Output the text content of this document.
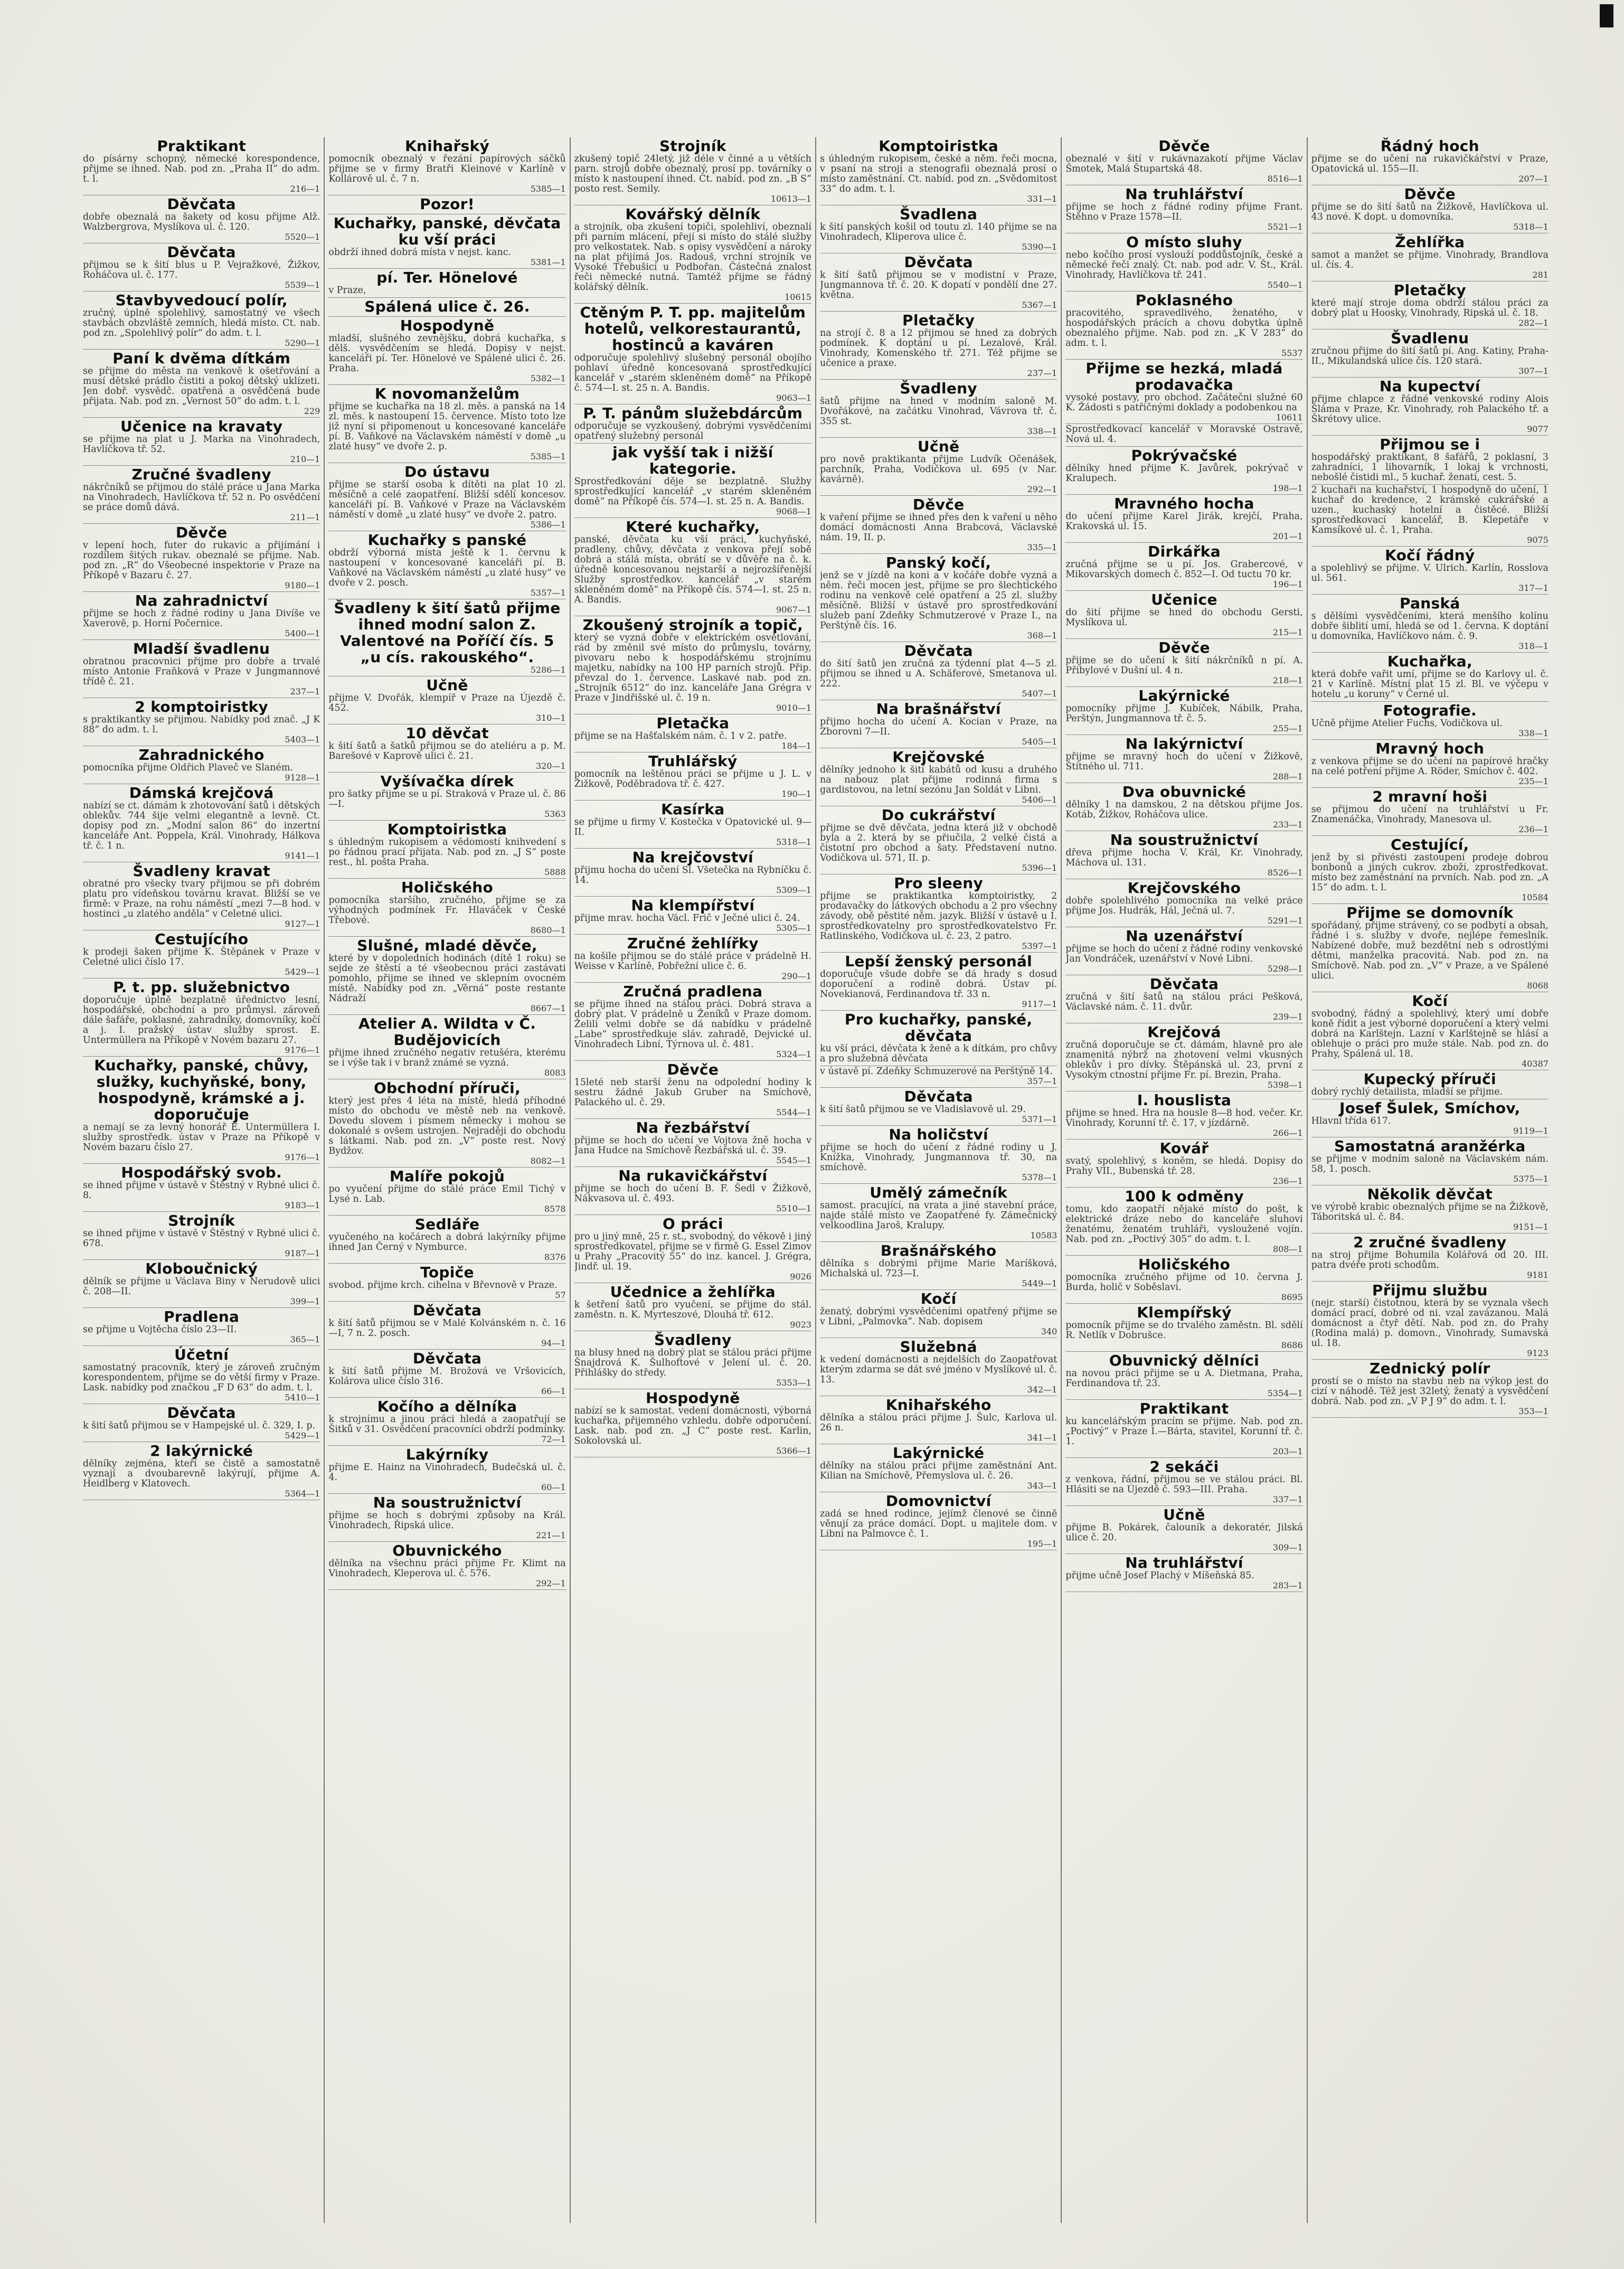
Praktikant
do písárny schopný, německé korespondence, přijme se ihned. Nab. pod zn. „Praha II“ do adm. t. l.
216—1
Děvčata
dobře obeznalá na šakety od kosu přijme Alž. Walzbergrova, Myslíkova ul. č. 120.
5520—1
Děvčata
přijmou se k šití blus u P. Vejražkové, Žižkov, Roháčova ul. č. 177.
5539—1
Stavbyvedoucí polír,
zručný, úplně spolehlivý, samostatný ve všech stavbách obzvláště zemních, hledá místo. Ct. nab. pod zn. „Spolehlivý polír“ do adm. t. l.
5290—1
Paní k dvěma dítkám
se přijme do města na venkově k ošetřování a musí dětské prádlo čistiti a pokoj dětský uklízeti. Jen dobř. vysvědč. opatřená a osvědčená bude přijata. Nab. pod zn. „Vernost 50“ do adm. t. l.
229
Učenice na kravaty
se přijme na plat u J. Marka na Vinohradech, Havlíčkova tř. 52.
210—1
Zručné švadleny
nákrčníků se přijmou do stálé práce u Jana Marka na Vinohradech, Havlíčkova tř. 52 n. Po osvědčení se práce domů dává.
211—1
Děvče
v lepení hoch, futer do rukavic a přijímání i rozdílem šitých rukav. obeznalé se přijme. Nab. pod zn. „R“ do Všeobecné inspektorie v Praze na Příkopě v Bazaru č. 27.
9180—1
Na zahradnictví
přijme se hoch z řádné rodiny u Jana Divíše ve Xaverově, p. Horní Počernice.
5400—1
Mladší švadlenu
obratnou pracovnici přijme pro dobře a trvalé místo Antonie Fraňková v Praze v Jungmannové třídě č. 21.
237—1
2 komptoiristky
s praktikantky se přijmou. Nabídky pod znač. „J K 88“ do adm. t. l.
5403—1
Zahradnického
pomocníka přijme Oldřich Plaveč ve Slaném.
9128—1
Dámská krejčová
nabízí se ct. dámám k zhotovování šatů i dětských oblekův. 744 šije velmi elegantně a levně. Ct. dopisy pod zn. „Modní salon 86“ do inzertní kanceláře Ant. Poppela, Král. Vinohrady, Hálkova tř. č. 1 n.
9141—1
Švadleny kravat
obratné pro všecky tvary přijmou se při dobrém platu pro vídeňskou továrnu kravat. Bližší se ve firmě: v Praze, na rohu náměstí „mezi 7—8 hod. v hostinci „u zlatého anděla“ v Celetné ulici.
9127—1
Cestujícího
k prodeji šaken přijme K. Štěpánek v Praze v Celetné ulici číslo 17.
5429—1
P. t. pp. služebnictvo
doporučuje úplně bezplatně úřednictvo lesní, hospodářské, obchodní a pro průmysl. zároveň dále šafáře, poklasné, zahradníky, domovníky, kočí a j. I. pražský ústav služby sprost. E. Untermüllera na Příkopě v Novém bazaru 27.
9176—1
Kuchařky, panské, chůvy, služky, kuchyňské, bony, hospodyně, krámské a j. doporučuje
a nemají se za levný honorář E. Untermüllera I. služby sprostředk. ústav v Praze na Příkopě v Novém bazaru číslo 27.
9176—1
Hospodářský svob.
se ihned přijme v ústavě v Štěstný v Rybné ulici č. 8.
9183—1
Strojník
se ihned přijme v ústavě v Štěstný v Rybné ulici č. 678.
9187—1
Kloboučnický
dělník se přijme u Václava Biny v Nerudově ulici č. 208—II.
399—1
Pradlena
se přijme u Vojtěcha číslo 23—II.
365—1
Účetní
samostatný pracovník, který je zároveň zručným korespondentem, přijme se do větší firmy v Praze. Lask. nabídky pod značkou „F D 63“ do adm. t. l.
5410—1
Děvčata
k šití šatů přijmou se v Hampejské ul. č. 329, I. p.
5429—1
2 lakýrnické
dělníky zejména, kteří se čistě a samostatně vyznají a dvoubarevně lakýrují, přijme A. Heidlberg v Klatovech.
5364—1
Knihařský
pomocník obeznalý v řezání papírových sáčků přijme se v firmy Bratři Kleinové v Karlíně v Kollárově ul. č. 7 n.
5385—1
Pozor!
Kuchařky, panské, děvčata ku vší práci
obdrží ihned dobrá místa v nejst. kanc.
5381—1
pí. Ter. Hönelové
v Praze,
Spálená ulice č. 26.
Hospodyně
mladší, slušného zevnějšku, dobrá kuchařka, s dělš. vysvědčením se hledá. Dopisy v nejst. kanceláři pí. Ter. Hönelové ve Spálené ulici č. 26. Praha.
5382—1
K novomanželům
přijme se kuchařka na 18 zl. měs. a panská na 14 zl. měs. k nastoupení 15. července. Místo toto lze již nyní si připomenout u koncesované kanceláře pí. B. Vaňkové na Václavském náměstí v domě „u zlaté husy“ ve dvoře 2. p.
5385—1
Do ústavu
přijme se starší osoba k dítěti na plat 10 zl. měsíčně a celé zaopatření. Bližší sdělí koncesov. kanceláři pí. B. Vaňkové v Praze na Václavském náměstí v domě „u zlaté husy“ ve dvoře 2. patro.
5386—1
Kuchařky s panské
obdrží výborná místa ještě k 1. červnu k nastoupení v koncesované kanceláři pí. B. Vaňkové na Václavském náměstí „u zlaté husy“ ve dvoře v 2. posch.
5357—1
Švadleny k šití šatů přijme ihned modní salon Z. Valentové na Poříčí čís. 5 „u cís. rakouského“.
5286—1
Učně
přijme V. Dvořák, klempíř v Praze na Újezdě č. 452.
310—1
10 děvčat
k šití šatů a šatků přijmou se do ateliéru a p. M. Barešové v Kaprově ulici č. 21.
320—1
Vyšívačka dírek
pro šatky přijme se u pí. Straková v Praze ul. č. 86—I.
5363
Komptoiristka
s úhledným rukopisem a vědomostí knihvedení s po řádnou prací přijata. Nab. pod zn. „J S“ poste rest., hl. pošta Praha.
5888
Holičského
pomocníka staršího, zručného, přijme se za výhodných podmínek Fr. Hlaváček v České Třebové.
8680—1
Slušné, mladé děvče,
které by v dopoledních hodinách (dítě 1 roku) se sejde ze štěstí a té všeobecnou práci zastávati pomohlo, přijme se ihned ve sklepním ovocném místě. Nabídky pod zn. „Věrná“ poste restante Nádraží
8667—1
Atelier A. Wildta v Č. Budějovicích
přijme ihned zručného negativ retušéra, kterému se i výše tak i v branž známé se vyzná.
8083
Obchodní příruči,
který jest přes 4 léta na místě, hledá příhodné místo do obchodu ve městě neb na venkově. Dovedu slovem i písmem německy i mohou se dokonalé s ovšem ustrojen. Nejraději do obchodu s látkami. Nab. pod zn. „V“ poste rest. Nový Bydžov.
8082—1
Malíře pokojů
po vyučení přijme do stálé práce Emil Tichý v Lysé n. Lab.
8578
Sedláře
vyučeného na kočárech a dobrá lakýrníky přijme ihned Jan Černý v Nymburce.
8376
Topiče
svobod. přijme krch. cihelna v Břevnově v Praze.
57
Děvčata
k šití šatů přijmou se v Malé Kolvánském n. č. 16—I, 7 n. 2. posch.
94—1
Děvčata
k šití šatů přijme M. Brožová ve Vršovicích, Kolárova ulice číslo 316.
66—1
Kočího a dělníka
k strojnímu a jinou práci hledá a zaopatřují se Šitků v 31. Osvědčení pracovníci obdrží podmínky.
72—1
Lakýrníky
přijme E. Hainz na Vinohradech, Budečská ul. č. 4.
60—1
Na soustružnictví
přijme se hoch s dobrými způsoby na Král. Vinohradech, Řipská ulice.
221—1
Obuvnického
dělníka na všechnu práci přijme Fr. Klimt na Vinohradech, Kleperova ul. č. 576.
292—1
Strojník
zkušený topič 24letý, již déle v činné a u větších parn. strojů dobře obeznalý, prosí pp. továrníky o místo k nastoupení ihned. Ct. nabíd. pod zn. „B S“ posto rest. Semily.
10613—1
Kovářský dělník
a strojník, oba zkušení topiči, spolehliví, obeznalí při parním mlácení, přejí si místo do stálé služby pro velkostatek. Nab. s opisy vysvědčení a nároky na plat přijímá Jos. Radouš, vrchní strojník ve Vysoké Třebušicí u Podbořan. Částečná znalost řeči německé nutná. Tamtéž přijme se řádný kolářský dělník.
10615
Ctěným P. T. pp. majitelům hotelů, velkorestaurantů, hostinců a kaváren
odporučuje spolehlivý slušebný personál obojího pohlaví úředně koncesovaná sprostředkující kancelář v „starém skleněném domě“ na Příkopě č. 574—I. st. 25 n. A. Bandis.
9063—1
P. T. pánům služebdárcům
odporučuje se vyzkoušený, dobrými vysvědčeními opatřený služebný personál
jak vyšší tak i nižší kategorie.
Sprostředkování děje se bezplatně. Služby sprostředkující kancelář „v starém skleněném domě“ na Příkopě čís. 574—I. st. 25 n. A. Bandis.
9068—1
Které kuchařky,
panské, děvčata ku vší práci, kuchyňské, pradleny, chůvy, děvčata z venkova přejí sobě dobrá a stálá místa, obrátí se v důvěře na č. k. úředně koncesovanou nejstarší a nejrozšířenější Služby sprostředkov. kancelář „v starém skleněném domě“ na Příkopě čís. 574—I. st. 25 n. A. Bandis.
9067—1
Zkoušený strojník a topič,
který se vyzná dobře v elektrickém osvětlování, rád by změnil své místo do průmyslu, továrny, pivovaru nebo k hospodářskému strojnímu majetku, nabídky na 100 HP parních strojů. Přip. převzal do 1. července. Laskavé nab. pod zn. „Strojník 6512“ do inz. kanceláře Jana Grégra v Praze v Jindřišské ul. č. 19 n.
9010—1
Pletačka
přijme se na Hašťalském nám. č. 1 v 2. patře.
184—1
Truhlářský
pomocník na leštěnou práci se přijme u J. L. v Žižkově, Poděbradova tř. č. 427.
190—1
Kasírka
se přijme u firmy V. Kostečka v Opatovické ul. 9—II.
5318—1
Na krejčovství
přijmu hocha do učení Sl. Všetečka na Rybníčku č. 14.
5309—1
Na klempířství
přijme mrav. hocha Václ. Frič v Ječné ulici č. 24.
5305—1
Zručné žehlířky
na košile přijmou se do stálé práce v prádelně H. Weisse v Karlíně, Pobřežní ulice č. 6.
290—1
Zručná pradlena
se přijme ihned na stálou práci. Dobrá strava a dobrý plat. V prádelně u Ženíků v Praze domom. Želili velmi dobře se dá nabídku v prádelně „Labe“ sprostředkuje sláv. zahradě, Dejvické ul. Vinohradech Libní, Týrnova ul. č. 481.
5324—1
Děvče
15leté neb starší ženu na odpolední hodiny k sestru žádné Jakub Gruber na Smíchově, Palackého ul. č. 29.
5544—1
Na řezbářství
přijme se hoch do učení ve Vojtova žně hocha v Jana Hudce na Smíchově Řezbářská ul. č. 39.
5545—1
Na rukavičkářství
přijme se hoch do učení B. F. Šedl v Žižkově, Nákvasova ul. č. 493.
5510—1
O práci
pro u jiný mně, 25 r. st., svobodný, do věkově i jiný sprostředkovatel, přijme se v firmě G. Essel Zimov u Prahy „Pracovitý 55“ do inz. kancel. J. Grégra, Jindř. ul. 19.
9026
Učednice a žehlířka
k šetření šatů pro vyučení, se přijme do stál. zaměstn. n. K. Myrteszové, Dlouhá tř. 612.
9023
Švadleny
na blusy hned na dobrý plat se stálou práci přijme Šnajdrová K. Šulhoftové v Jelení ul. č. 20. Přihlášky do středy.
5353—1
Hospodyně
nabízí se k samostat. vedení domácnosti, výborná kuchařka, přijemného vzhledu. dobře odporučení. Lask. nab. pod zn. „J C“ poste rest. Karlin, Sokolovská ul.
5366—1
Komptoiristka
s úhledným rukopisem, české a něm. řeči mocna, v psaní na stroji a stenografii obeznalá prosí o místo zaměstnání. Ct. nabíd. pod zn. „Svědomitost 33“ do adm. t. l.
331—1
Švadlena
k šití panských košil od toutu zl. 140 přijme se na Vinohradech, Kliperova ulice č.
5390—1
Děvčata
k šití šatů přijmou se v modistní v Praze, Jungmannova tř. č. 20. K dopatí v pondělí dne 27. května.
5367—1
Pletačky
na strojí č. 8 a 12 přijmou se hned za dobrých podmínek. K doptání u pí. Lezalové, Král. Vinohrady, Komenského tř. 271. Též přijme se učenice a praxe.
237—1
Švadleny
šatů přijme na hned v modním saloně M. Dvořákové, na začátku Vinohrad, Vávrova tř. č. 355 st.
338—1
Učně
pro nově praktikanta přijme Ludvík Očenášek, parchník, Praha, Vodičkova ul. 695 (v Nar. kavárně).
292—1
Děvče
k vaření přijme se ihned přes den k vaření u něho domácí domácnosti Anna Brabcová, Václavské nám. 19, II. p.
335—1
Panský kočí,
jenž se v jízdě na koni a v kočáře dobře vyzná a něm. řeči mocen jest, přijme se pro šlechtického rodinu na venkově celé opatření a 25 zl. služby měsíčně. Bližší v ústavě pro sprostředkování služeb paní Zdeňky Schmutzerové v Praze I., na Perštýně čís. 16.
368—1
Děvčata
do šití šatů jen zručná za týdenní plat 4—5 zl. přijmou se ihned u A. Schäferové, Smetanova ul. 222.
5407—1
Na brašnářství
přijmo hocha do učení A. Kocian v Praze, na Zborovni 7—II.
5405—1
Krejčovské
dělníky jednoho k šití kabátů od kusu a druhého na nabouz plat přijme rodinná firma s gardistovou, na letní sezónu Jan Soldát v Libni.
5406—1
Do cukrářství
přijme se dvě děvčata, jedna která již v obchodě byla a 2. která by se přiučila, 2 velké čistá a čistotní pro obchod a šaty. Představení nutno. Vodičkova ul. 571, II. p.
5396—1
Pro sleeny
přijme se praktikantka komptoiristky, 2 prodavačky do látkových obchodu a 2 pro všechny závody, obě pěstité něm. jazyk. Bližší v ústavě u I. sprostředkovatelny pro sprostředkovatelstvo Fr. Ratlinského, Vodičkova ul. č. 23, 2 patro.
5397—1
Lepší ženský personál
doporučuje všude dobře se dá hrady s dosud doporučení a rodině dobrá. Ústav pí. Novekianová, Ferdinandova tř. 33 n.
9117—1
Pro kuchařky, panské, děvčata
ku vší práci, děvčata k ženě a k dítkám, pro chůvy a pro služebná děvčata
v ústavě pí. Zdeňky Schmuzerové na Perštýně 14.
357—1
Děvčata
k šití šatů přijmou se ve Vladislavově ul. 29.
5371—1
Na holičství
přijme se hoch do učení z řádné rodiny u J. Knížka, Vinohrady, Jungmannova tř. 30, na smíchově.
5378—1
Umělý zámečník
samost. pracující, na vrata a jiné stavební práce, najde stálé místo ve Zaopatřené fy. Zámečnický velkoodlina Jaroš, Kralupy.
10583
Brašnářského
dělníka s dobrými přijme Marie Maríšková, Michalská ul. 723—I.
5449—1
Kočí
ženatý, dobrými vysvědčeními opatřený přijme se v Libni, „Palmovka“. Nab. dopisem
340
Služebná
k vedení domácnosti a nejdelších do Zaopatřovat kterým zdarma se dát své jméno v Myslíkové ul. č. 13.
342—1
Knihařského
dělníka a stálou práci přijme J. Šulc, Karlova ul. 26 n.
341—1
Lakýrnické
dělníky na stálou práci přijme zaměstnání Ant. Kilian na Smíchově, Přemyslova ul. č. 26.
343—1
Domovnictví
zadá se hned rodince, jejímž členové se činně věnují za práce domácí. Dopt. u majitele dom. v Libni na Palmovce č. 1.
195—1
Děvče
obeznalé v šití v rukávnazakotí přijme Václav Šmotek, Malá Štupartská 48.
8516—1
Na truhlářství
přijme se hoch z řádné rodiny přijme Frant. Stěhno v Praze 1578—II.
5521—1
O místo sluhy
nebo kočího prosí vyslouží poddůstojník, české a německé řeči znalý. Ct. nab. pod adr. V. Št., Král. Vinohrady, Havlíčkova tř. 241.
5540—1
Poklasného
pracovitého, spravedlivého, ženatého, v hospodářských prácích a chovu dobytka úplně obeznalého přijme. Nab. pod zn. „K V 283“ do adm. t. l.
5537
Přijme se hezká, mladá prodavačka
vysoké postavy, pro obchod. Začátečni služné 60 K. Žádosti s patřičnými doklady a podobenkou na
10611
Sprostředkovací kancelář v Moravské Ostravě, Nová ul. 4.
Pokrývačské
dělníky hned přijme K. Javůrek, pokrývač v Kralupech.
198—1
Mravného hocha
do učení přijme Karel Jirák, krejčí, Praha, Krakovská ul. 15.
201—1
Dirkářka
zručná přijme se u pí. Jos. Grabercové, v Mikovarských domech č. 852—I. Od tuctu 70 kr.
196—1
Učenice
do šití přijme se hned do obchodu Gersti, Myslíkova ul.
215—1
Děvče
přijme se do učení k šití nákrčníků n pí. A. Přibylové v Dušní ul. 4 n.
218—1
Lakýrnické
pomocníky přijme J. Kubíček, Nábilk, Praha, Perštýn, Jungmannova tř. č. 5.
255—1
Na lakýrnictví
přijme se mravný hoch do učení v Žižkově, Štítného ul. 711.
288—1
Dva obuvnické
dělníky 1 na damskou, 2 na dětskou přijme Jos. Kotáb, Žižkov, Roháčova ulice.
233—1
Na soustružnictví
dřeva přijme hocha V. Král, Kr. Vinohrady, Máchova ul. 131.
8526—1
Krejčovského
dobře spolehlivého pomocníka na velké práce přijme Jos. Hudrák, Hál, Ječná ul. 7.
5291—1
Na uzenářství
přijme se hoch do učení z řádné rodiny venkovské Jan Vondráček, uzenářství v Nové Libni.
5298—1
Děvčata
zručná v šití šatů na stálou práci Pešková, Václavské nám. č. 11. dvůr.
239—1
Krejčová
zručná doporučuje se ct. dámám, hlavně pro ale znamenitá nýbrž na zhotovení velmi vkusných oblekův i pro dívky. Štěpánská ul. 23, první z Vysokým ctnostní přijme Fr. pí. Brezin, Praha.
5398—1
I. houslista
přijme se hned. Hra na housle 8—8 hod. večer. Kr. Vinohrady, Korunní tř. č. 17, v jízdárně.
266—1
Kovář
svatý, spolehlivý, s koněm, se hledá. Dopisy do Prahy VII., Bubenská tř. 28.
236—1
100 k odměny
tomu, kdo zaopatří nějaké místo do pošt, k elektrické dráze nebo do kanceláře sluhovi ženatému, ženatém truhláři, vysloužené vojín. Nab. pod zn. „Poctivý 305“ do adm. t. l.
808—1
Holičského
pomocníka zručného přijme od 10. června J. Burda, holič v Soběslavi.
8695
Klempířský
pomocník přijme se do trvalého zaměstn. Bl. sdělí R. Netlík v Dobrušce.
8686
Obuvnický dělníci
na novou práci přijme se u A. Dietmana, Praha, Ferdinandova tř. 23.
5354—1
Praktikant
ku kancelářským pracím se přijme. Nab. pod zn. „Poctivý“ v Praze I.—Bárta, stavitel, Korunní tř. č. 1.
203—1
2 sekáči
z venkova, řádní, přijmou se ve stálou práci. Bl. Hlásiti se na Újezdě č. 593—III. Praha.
337—1
Učně
přijme B. Pokárek, čalouník a dekoratér, Jilská ulice č. 20.
309—1
Na truhlářství
přijme učně Josef Plachý v Míšeňská 85.
283—1
Řádný hoch
přijme se do učení na rukavičkářství v Praze, Opatovická ul. 155—II.
207—1
Děvče
přijme se do šití šatů na Žižkově, Havlíčkova ul. 43 nové. K dopt. u domovníka.
5318—1
Žehlířka
samot a manžet se přijme. Vinohrady, Brandlova ul. čís. 4.
281
Pletačky
které mají stroje doma obdrží stálou práci za dobrý plat u Hoosky, Vinohrady, Ripská ul. č. 18.
282—1
Švadlenu
zručnou přijme do šití šatů pí. Ang. Katiny, Praha-II., Mikulandská ulice čís. 120 stará.
307—1
Na kupectví
přijme chlapce z řádné venkovské rodiny Alois Šláma v Praze, Kr. Vinohrady, roh Palackého tř. a Škrétovy ulice.
9077
Přijmou se i
hospodářský praktikant, 8 šafářů, 2 poklasní, 3 zahradníci, 1 lihovarník, 1 lokaj k vrchnosti, nebošlé čistidi ml., 5 kuchař. ženatí, cest. 5.
2 kuchaři na kuchařství, 1 hospodyně do učení, 1 kuchař do kredence, 2 krámské cukrářské a uzen., kuchaský hotelní a čistěcé. Bližší sprostředkovací kancelář, B. Klepetáře v Kamsíkové ul. č. 1, Praha.
9075
Kočí řádný
a spolehlivý se přijme. V. Ulrich. Karlín, Rosslova ul. 561.
317—1
Panská
s dělšími vysvědčeními, která menšího kolínu dobře šiblití umí, hledá se od 1. června. K doptání u domovníka, Havlíčkovo nám. č. 9.
318—1
Kuchařka,
která dobře vařit umí, přijme se do Karlovy ul. č. 21 v Karlíně. Místní plat 15 zl. Bl. ve výčepu v hotelu „u koruny“ v Černé ul.
Fotografie.
Učně přijme Atelier Fuchs, Vodičkova ul.
338—1
Mravný hoch
z venkova přijme se do učení na papírové hračky na celé potření přijme A. Röder, Smíchov č. 402.
235—1
2 mravní hoši
se přijmou do učení na truhlářství u Fr. Znamenáčka, Vinohrady, Manesova ul.
236—1
Cestující,
jenž by si přivésti zastoupení prodeje dobrou bonbonů a jiných cukrov. zboží, zprostředkovat. místo bez zaměstnání na prvních. Nab. pod zn. „A 15“ do adm. t. l.
10584
Přijme se domovník
spořádaný, přijme strávený, co se podbytí a obsah, řádné i s. služby v dvoře, nejlépe řemeslník. Nabízené dobře, muž bezdětní neb s odrostlými dětmi, manželka pracovitá. Nab. pod zn. na Smíchově. Nab. pod zn. „V“ v Praze, a ve Spálené ulici.
8068
Kočí
svobodný, řádný a spolehlivý, který umí dobře koně řídit a jest výborné doporučení a který velmi dobrá na Karlštejn. Lazní v Karlštejně se hlásí a oblehuje o práci pro muže stále. Nab. pod zn. do Prahy, Spálená ul. 18.
40387
Kupecký příruči
dobrý rychlý detailista, mladší se přijme.
Josef Šulek, Smíchov,
Hlavní třída 617.
9119—1
Samostatná aranžérka
se přijme v modním saloně na Václavském nám. 58, 1. posch.
5375—1
Několik děvčat
ve výrobě krabic obeznalých přijme se na Žižkově, Táboritská ul. č. 84.
9151—1
2 zručné švadleny
na stroj přijme Bohumila Kolářová od 20. III. patra dvéře proti schodům.
9181
Přijmu službu
(nejr. starší) čistotnou, která by se vyznala všech domácí prací, dobré od ni. vzal zavázanou. Malá domácnost a čtyř dětí. Nab. pod zn. do Prahy (Rodina malá) p. domovn., Vinohrady, Sumavská ul. 18.
9123
Zednický polír
prostí se o místo na stavbu neb na výkop jest do cizí v náhodě. Též jest 32letý, ženatý a vysvědčení dobrá. Nab. pod zn. „V P J 9“ do adm. t. l.
353—1
